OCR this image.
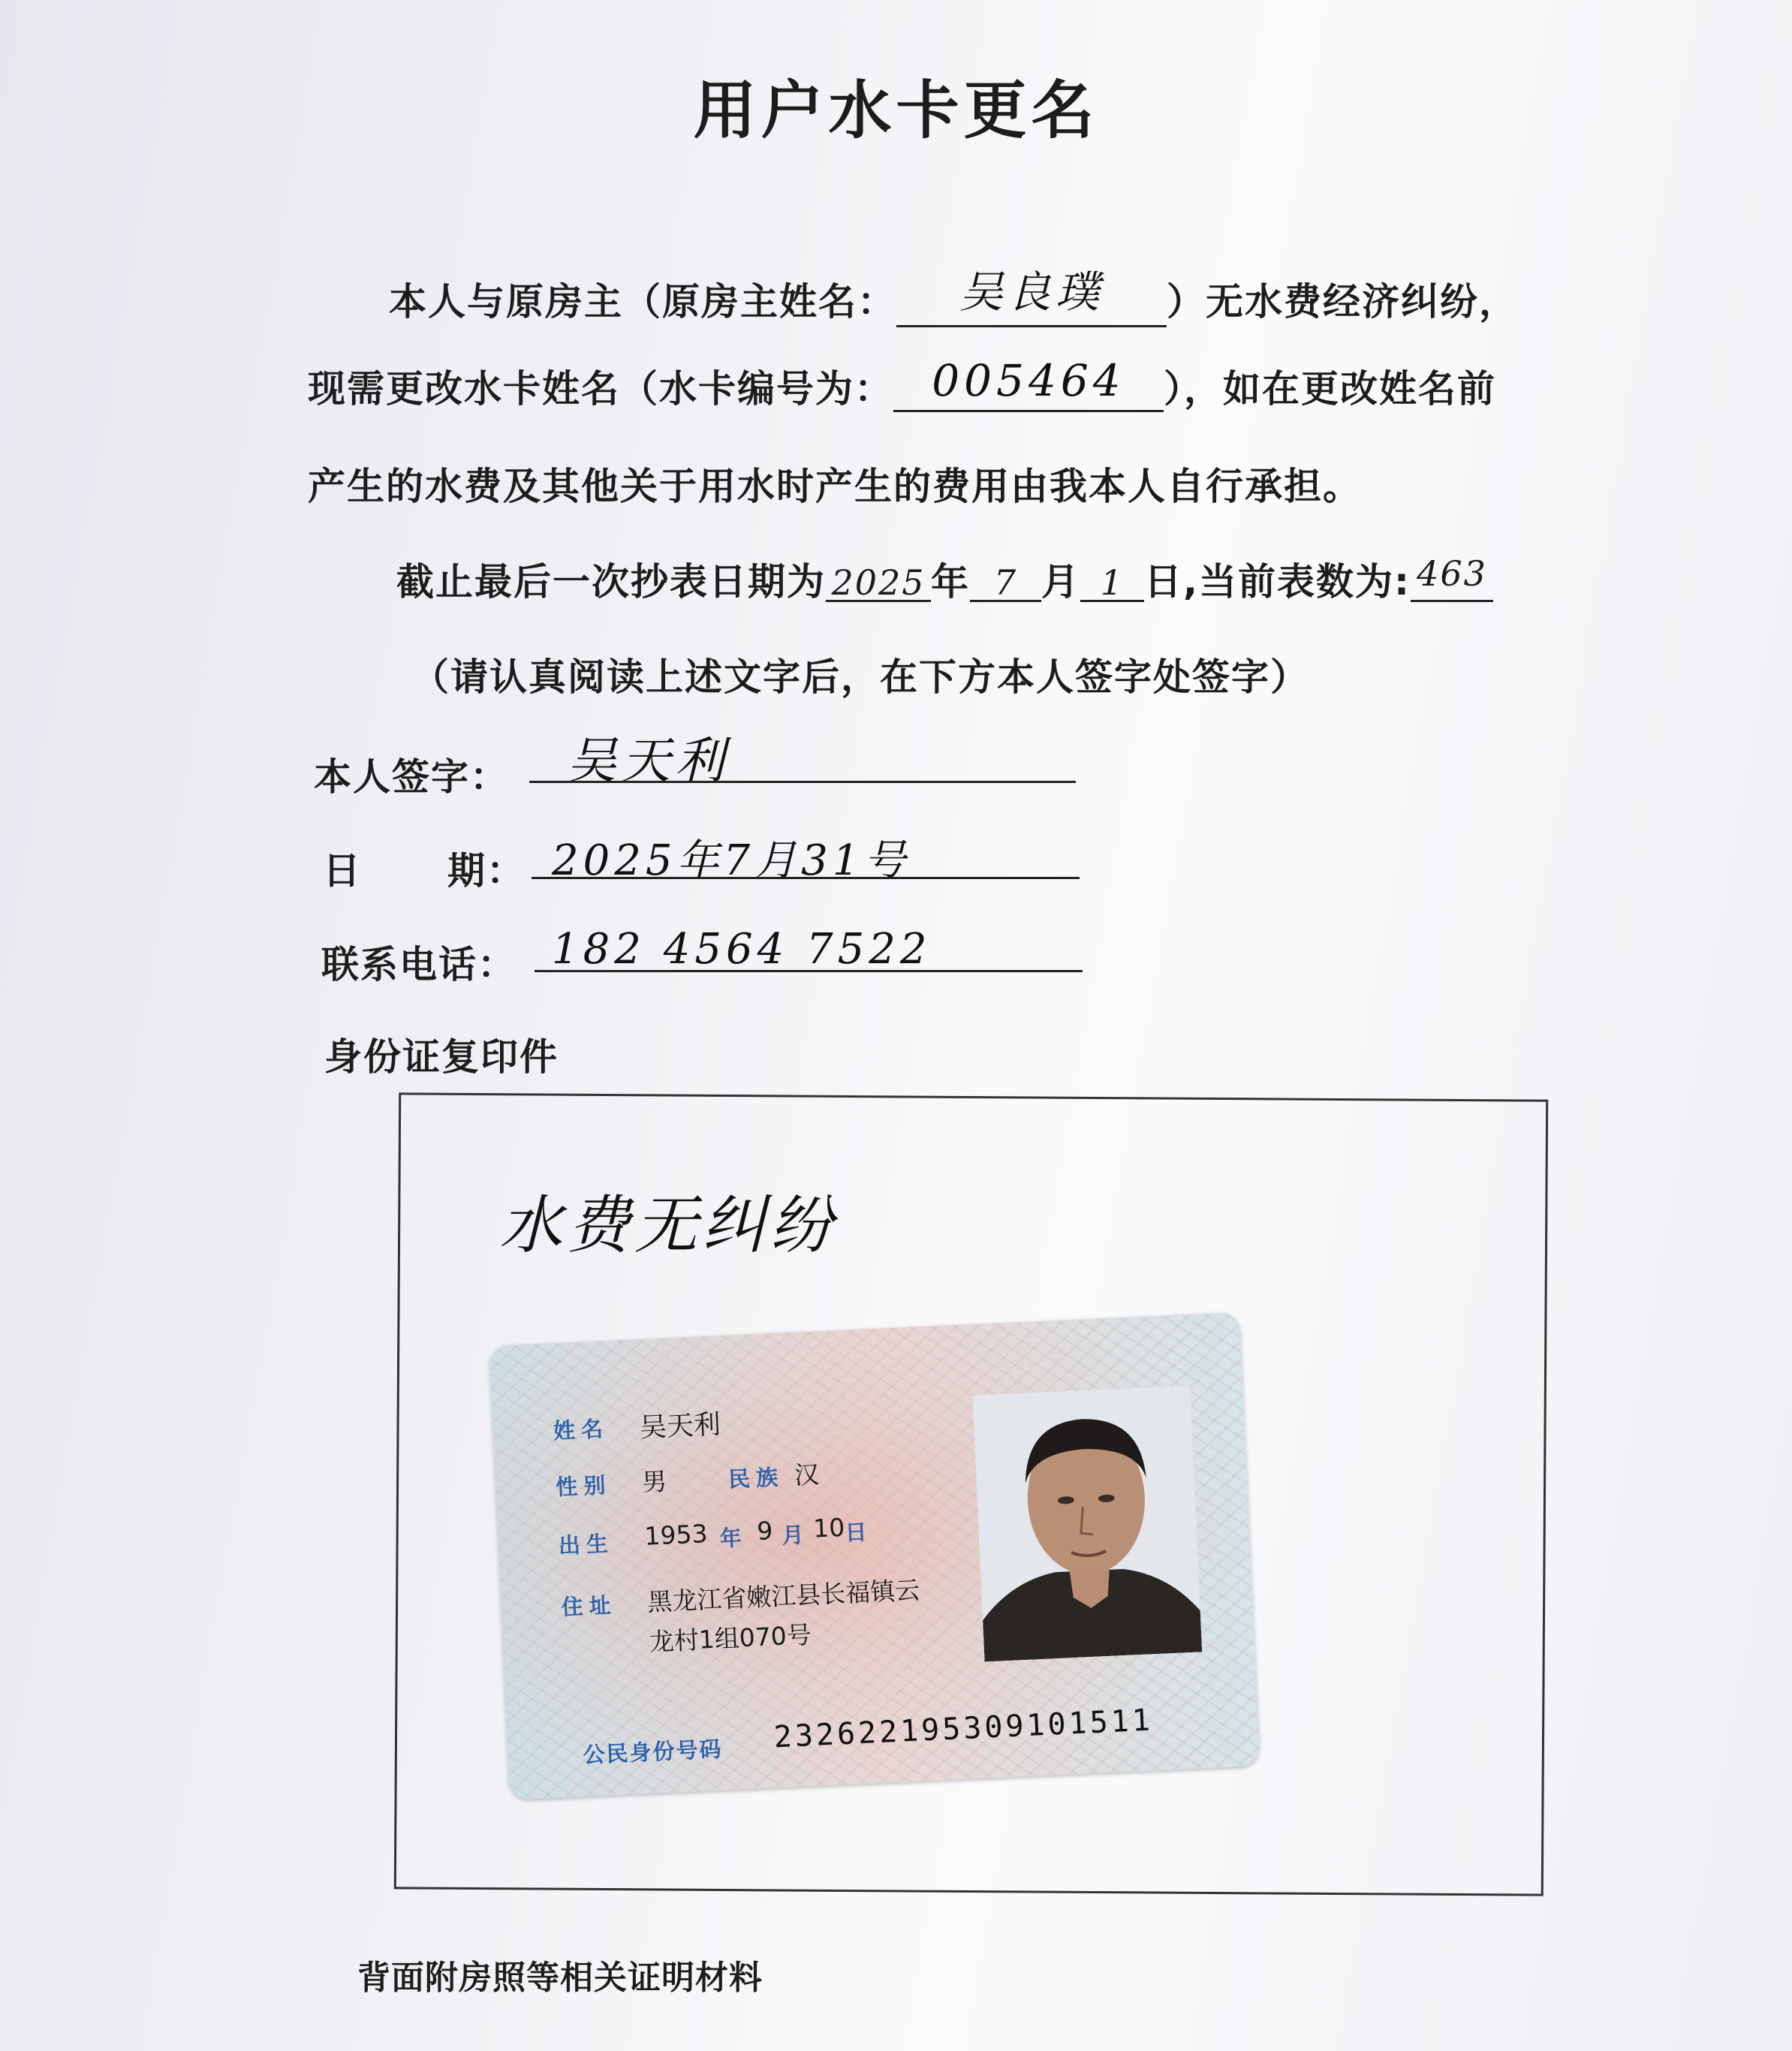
用户水卡更名
本人与原房主（原房主姓名： 吴良璞 ）无水费经济纠纷，
现需更改水卡姓名（水卡编号为： 005464 ），如在更改姓名前
产生的水费及其他关于用水时产生的费用由我本人自行承担。
截止最后一次抄表日期为 2025 年 7 月 1 日,当前表数为: 463
（请认真阅读上述文字后，在下方本人签字处签字）
本人签字： 吴天利
日 期： 2025年7月31号
联系电话： 182 4564 7522
身份证复印件
水费无纠纷
姓名 吴天利
性别 男	民族 汉
出生 1953 年 9 月 10
日
住址 黑龙江省嫩江县长福镇云
龙村1组070号
公民身份号码 232622195309101511
背面附房照等相关证明材料
